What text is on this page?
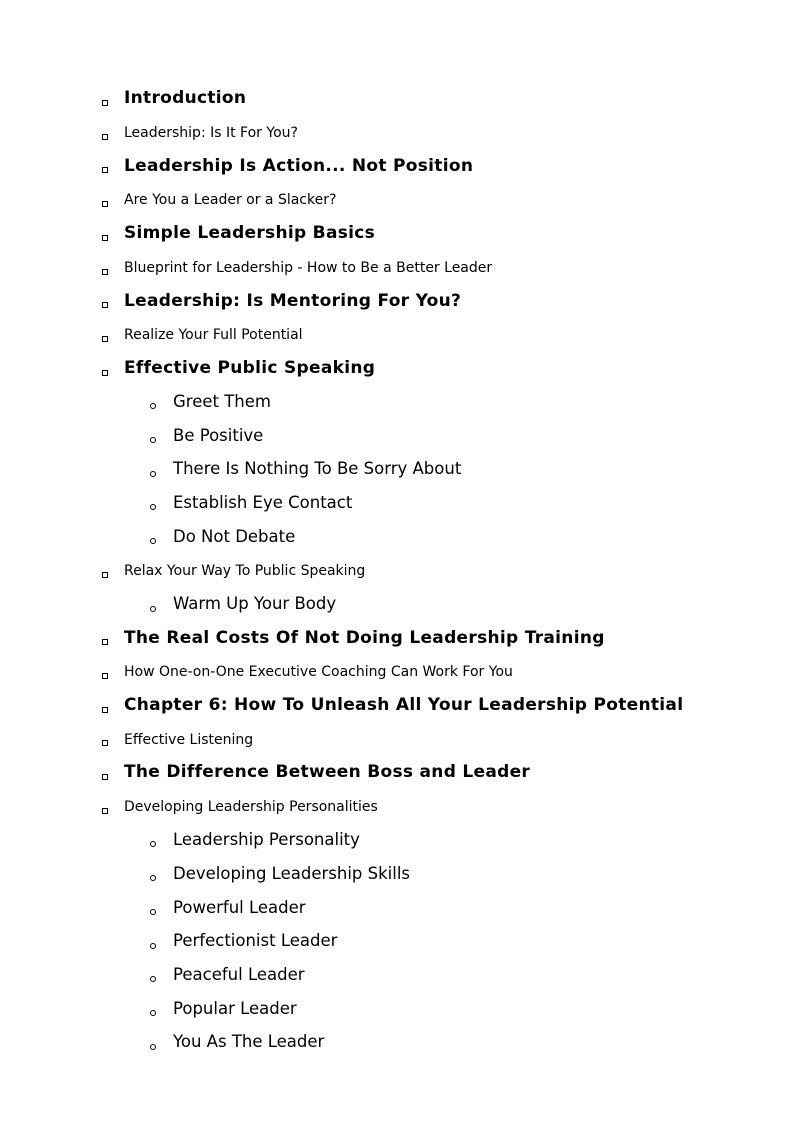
Introduction
Leadership: Is It For You?
Leadership Is Action... Not Position
Are You a Leader or a Slacker?
Simple Leadership Basics
Blueprint for Leadership - How to Be a Better Leader
Leadership: Is Mentoring For You?
Realize Your Full Potential
Effective Public Speaking
Greet Them
Be Positive
There Is Nothing To Be Sorry About
Establish Eye Contact
Do Not Debate
Relax Your Way To Public Speaking
Warm Up Your Body
The Real Costs Of Not Doing Leadership Training
How One-on-One Executive Coaching Can Work For You
Chapter 6: How To Unleash All Your Leadership Potential
Effective Listening
The Difference Between Boss and Leader
Developing Leadership Personalities
Leadership Personality
Developing Leadership Skills
Powerful Leader
Perfectionist Leader
Peaceful Leader
Popular Leader
You As The Leader
